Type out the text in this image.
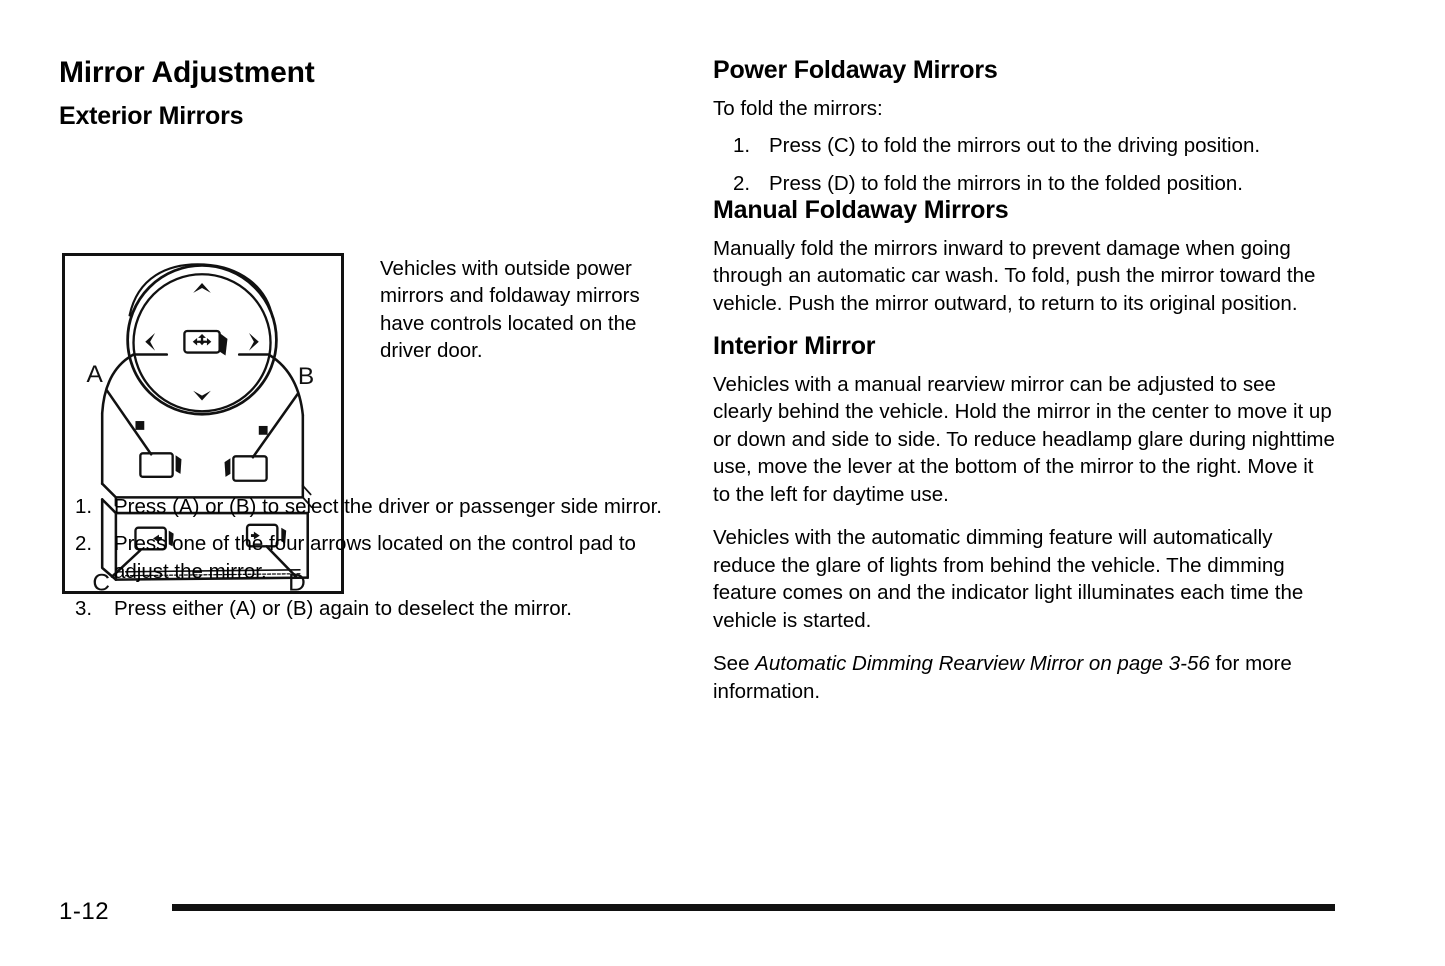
Mirror Adjustment
Exterior Mirrors
A	B
C	D
Vehicles with outside power mirrors and foldaway mirrors have controls located on the driver door.
1.	Press (A) or (B) to select the driver or passenger side mirror.
2.	Press one of the four arrows located on the control pad to adjust the mirror.
3.	Press either (A) or (B) again to deselect the mirror.
Power Foldaway Mirrors

To fold the mirrors:

1. Press (C) to fold the mirrors out to the driving position.
2. Press (D) to fold the mirrors in to the folded position.
Manual Foldaway Mirrors

Manually fold the mirrors inward to prevent damage when going through an automatic car wash. To fold, push the mirror toward the vehicle. Push the mirror outward, to return to its original position.

Interior Mirror

Vehicles with a manual rearview mirror can be adjusted to see clearly behind the vehicle. Hold the mirror in the center to move it up or down and side to side. To reduce headlamp glare during nighttime use, move the lever at the bottom of the mirror to the right. Move it to the left for daytime use.

Vehicles with the automatic dimming feature will automatically reduce the glare of lights from behind the vehicle. The dimming feature comes on and the indicator light illuminates each time the vehicle is started.

See Automatic Dimming Rearview Mirror on page 3-56 for more information.

1-12
